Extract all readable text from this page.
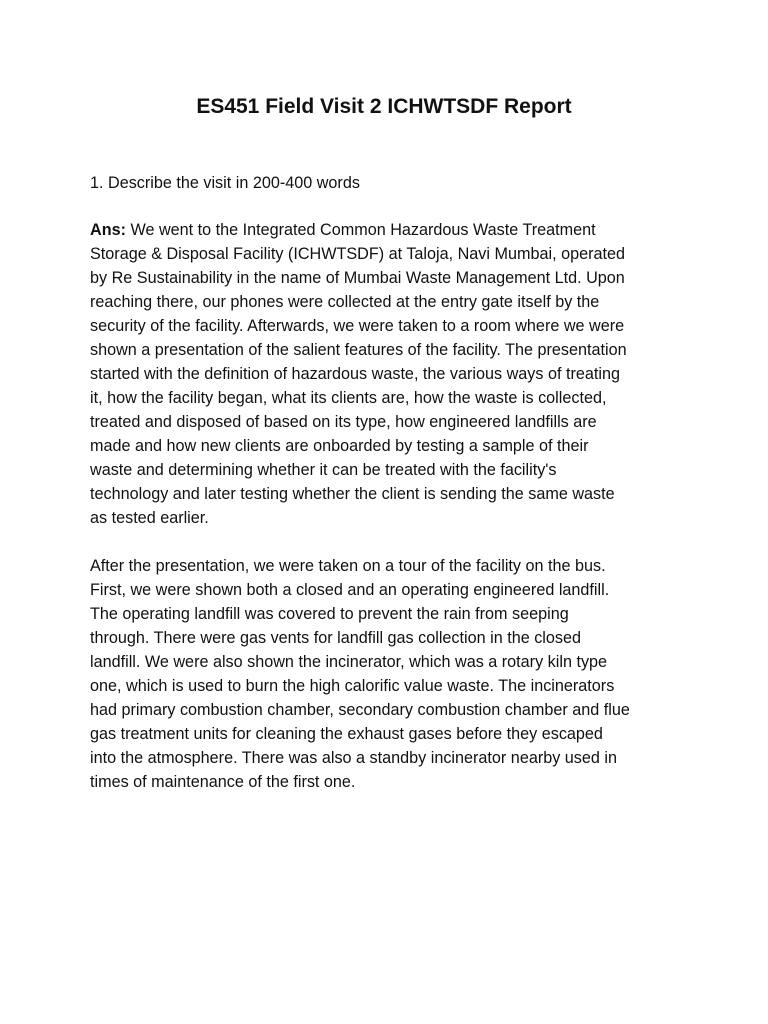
ES451 Field Visit 2 ICHWTSDF Report

1. Describe the visit in 200-400 words

Ans: We went to the Integrated Common Hazardous Waste Treatment
Storage & Disposal Facility (ICHWTSDF) at Taloja, Navi Mumbai, operated
by Re Sustainability in the name of Mumbai Waste Management Ltd. Upon
reaching there, our phones were collected at the entry gate itself by the
security of the facility. Afterwards, we were taken to a room where we were
shown a presentation of the salient features of the facility. The presentation
started with the definition of hazardous waste, the various ways of treating
it, how the facility began, what its clients are, how the waste is collected,
treated and disposed of based on its type, how engineered landfills are
made and how new clients are onboarded by testing a sample of their
waste and determining whether it can be treated with the facility's
technology and later testing whether the client is sending the same waste
as tested earlier.
After the presentation, we were taken on a tour of the facility on the bus.
First, we were shown both a closed and an operating engineered landfill.
The operating landfill was covered to prevent the rain from seeping
through. There were gas vents for landfill gas collection in the closed
landfill. We were also shown the incinerator, which was a rotary kiln type
one, which is used to burn the high calorific value waste. The incinerators
had primary combustion chamber, secondary combustion chamber and flue
gas treatment units for cleaning the exhaust gases before they escaped
into the atmosphere. There was also a standby incinerator nearby used in
times of maintenance of the first one.
